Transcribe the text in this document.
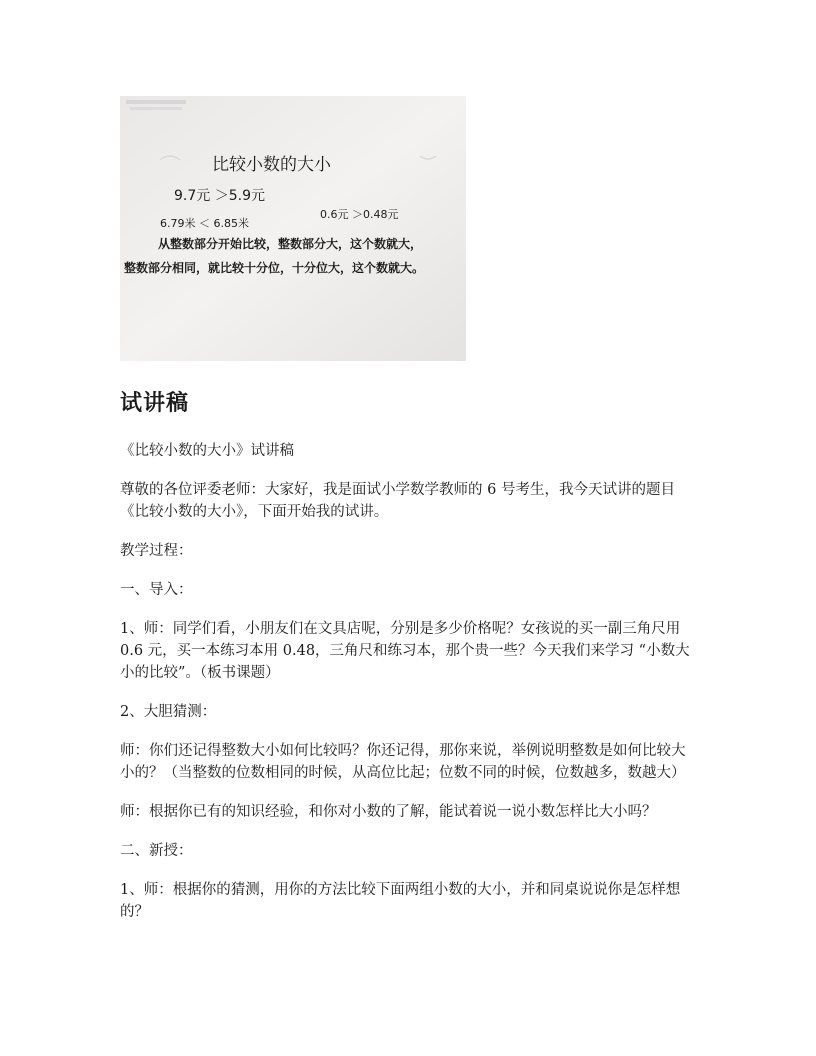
比较小数的大小
9.7元 ＞5.9元
6.79米 ＜ 6.85米
0.6元 ＞0.48元
从整数部分开始比较，整数部分大，这个数就大，
整数部分相同，就比较十分位，十分位大，这个数就大。
试讲稿

《比较小数的大小》试讲稿

尊敬的各位评委老师：大家好，我是面试小学数学教师的 6 号考生，我今天试讲的题目《比较小数的大小》，下面开始我的试讲。

教学过程：

一、导入：

1、师：同学们看，小朋友们在文具店呢，分别是多少价格呢？女孩说的买一副三角尺用 0.6 元，买一本练习本用 0.48，三角尺和练习本，那个贵一些？今天我们来学习 “小数大小的比较”。（板书课题）

2、大胆猜测：

师：你们还记得整数大小如何比较吗？你还记得，那你来说，举例说明整数是如何比较大小的？（当整数的位数相同的时候，从高位比起；位数不同的时候，位数越多，数越大）

师：根据你已有的知识经验，和你对小数的了解，能试着说一说小数怎样比大小吗？

二、新授：

1、师：根据你的猜测，用你的方法比较下面两组小数的大小，并和同桌说说你是怎样想的？
